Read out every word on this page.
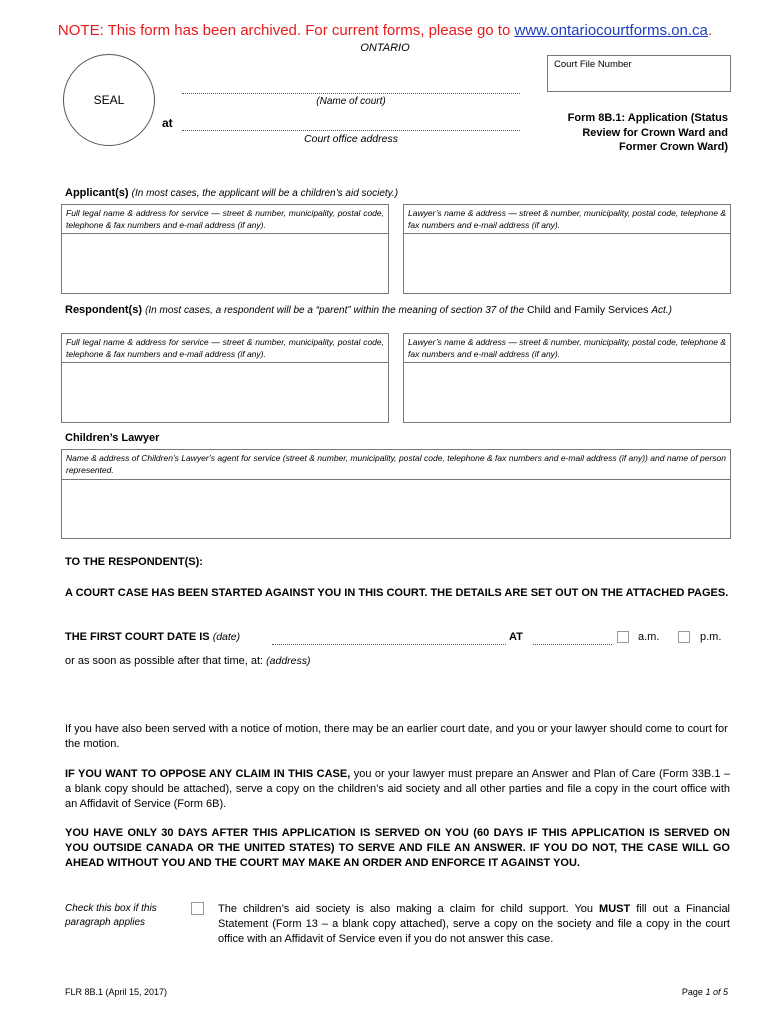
NOTE: This form has been archived. For current forms, please go to www.ontariocourtforms.on.ca.
ONTARIO
SEAL
Court File Number
(Name of court)
at
Court office address
Form 8B.1: Application (Status Review for Crown Ward and Former Crown Ward)
Applicant(s) (In most cases, the applicant will be a children’s aid society.)
Full legal name & address for service — street & number, municipality, postal code, telephone & fax numbers and e-mail address (if any).
Lawyer’s name & address — street & number, municipality, postal code, telephone & fax numbers and e-mail address (if any).
Respondent(s) (In most cases, a respondent will be a “parent” within the meaning of section 37 of the Child and Family Services Act.)
Full legal name & address for service — street & number, municipality, postal code, telephone & fax numbers and e-mail address (if any).
Lawyer’s name & address — street & number, municipality, postal code, telephone & fax numbers and e-mail address (if any).
Children’s Lawyer
Name & address of Children’s Lawyer’s agent for service (street & number, municipality, postal code, telephone & fax numbers and e-mail address (if any)) and name of person represented.
TO THE RESPONDENT(S):
A COURT CASE HAS BEEN STARTED AGAINST YOU IN THIS COURT. THE DETAILS ARE SET OUT ON THE ATTACHED PAGES.
THE FIRST COURT DATE IS (date)	AT	a.m.	p.m.
or as soon as possible after that time, at: (address)
If you have also been served with a notice of motion, there may be an earlier court date, and you or your lawyer should come to court for the motion.
IF YOU WANT TO OPPOSE ANY CLAIM IN THIS CASE, you or your lawyer must prepare an Answer and Plan of Care (Form 33B.1 – a blank copy should be attached), serve a copy on the children’s aid society and all other parties and file a copy in the court office with an Affidavit of Service (Form 6B).
YOU HAVE ONLY 30 DAYS AFTER THIS APPLICATION IS SERVED ON YOU (60 DAYS IF THIS APPLICATION IS SERVED ON YOU OUTSIDE CANADA OR THE UNITED STATES) TO SERVE AND FILE AN ANSWER. IF YOU DO NOT, THE CASE WILL GO AHEAD WITHOUT YOU AND THE COURT MAY MAKE AN ORDER AND ENFORCE IT AGAINST YOU.
Check this box if this paragraph applies
The children’s aid society is also making a claim for child support. You MUST fill out a Financial Statement (Form 13 – a blank copy attached), serve a copy on the society and file a copy in the court office with an Affidavit of Service even if you do not answer this case.
FLR 8B.1 (April 15, 2017)	Page 1 of 5
